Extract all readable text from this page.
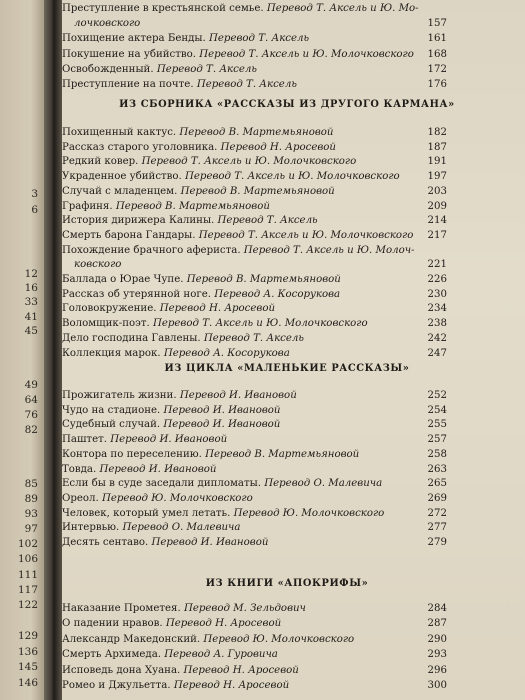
3
6
12
16
33
41
45
49
64
76
82
85
89
93
97
102
106
111
117
122
129
136
145
146
Преступление в крестьянской семье. Перевод Т. Аксель и Ю. Мо-
лочковского	157
Похищение актера Бенды. Перевод Т. Аксель	161
Покушение на убийство. Перевод Т. Аксель и Ю. Молочковского	168
Освобожденный. Перевод Т. Аксель	172
Преступление на почте. Перевод Т. Аксель	176
ИЗ СБОРНИКА «РАССКАЗЫ ИЗ ДРУГОГО КАРМАНА»
Похищенный кактус. Перевод В. Мартемьяновой	182
Рассказ старого уголовника. Перевод Н. Аросевой	187
Редкий ковер. Перевод Т. Аксель и Ю. Молочковского	191
Украденное убийство. Перевод Т. Аксель и Ю. Молочковского	197
Случай с младенцем. Перевод В. Мартемьяновой	203
Графиня. Перевод В. Мартемьяновой	209
История дирижера Калины. Перевод Т. Аксель	214
Смерть барона Гандары. Перевод Т. Аксель и Ю. Молочковского	217
Похождение брачного афериста. Перевод Т. Аксель и Ю. Молоч-
ковского	221
Баллада о Юраe Чупе. Перевод В. Мартемьяновой	226
Рассказ об утерянной ноге. Перевод А. Косорукова	230
Головокружение. Перевод Н. Аросевой	234
Воломщик-поэт. Перевод Т. Аксель и Ю. Молочковского	238
Дело господина Гавлены. Перевод Т. Аксель	242
Коллекция марок. Перевод А. Косорукова	247
ИЗ ЦИКЛА «МАЛЕНЬКИЕ РАССКАЗЫ»
Прожигатель жизни. Перевод И. Ивановой	252
Чудо на стадионе. Перевод И. Ивановой	254
Судебный случай. Перевод И. Ивановой	255
Паштет. Перевод И. Ивановой	257
Контора по переселению. Перевод В. Мартемьяновой	258
Товда. Перевод И. Ивановой	263
Если бы в суде заседали дипломаты. Перевод О. Малевича	265
Ореол. Перевод Ю. Молочковского	269
Человек, который умел летать. Перевод Ю. Молочковского	272
Интервью. Перевод О. Малевича	277
Десять сентаво. Перевод И. Ивановой	279
ИЗ КНИГИ «АПОКРИФЫ»
Наказание Прометея. Перевод М. Зельдович	284
О падении нравов. Перевод Н. Аросевой	287
Александр Македонский. Перевод Ю. Молочковского	290
Смерть Архимеда. Перевод А. Гуровича	293
Исповедь дона Хуана. Перевод Н. Аросевой	296
Ромео и Джульетта. Перевод Н. Аросевой	300
